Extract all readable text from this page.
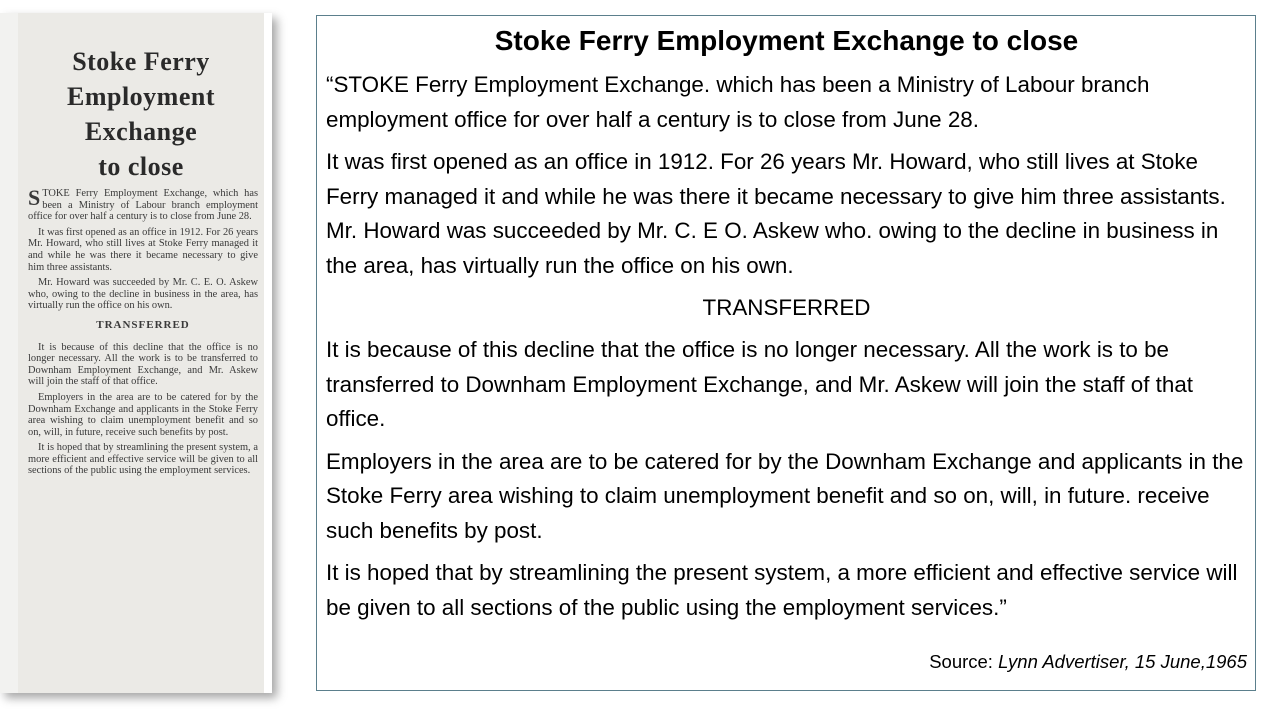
Stoke Ferry
Employment
Exchange
to close

STOKE Ferry Employment Exchange, which has been a Ministry of Labour branch employment office for over half a century is to close from June 28.

It was first opened as an office in 1912. For 26 years Mr. Howard, who still lives at Stoke Ferry managed it and while he was there it became necessary to give him three assistants.

Mr. Howard was succeeded by Mr. C. E. O. Askew who, owing to the decline in business in the area, has virtually run the office on his own.

TRANSFERRED

It is because of this decline that the office is no longer necessary. All the work is to be transferred to Downham Employment Exchange, and Mr. Askew will join the staff of that office.

Employers in the area are to be catered for by the Downham Exchange and applicants in the Stoke Ferry area wishing to claim unemployment benefit and so on, will, in future, receive such benefits by post.

It is hoped that by streamlining the present system, a more efficient and effective service will be given to all sections of the public using the employment services.

Stoke Ferry Employment Exchange to close

“STOKE Ferry Employment Exchange. which has been a Ministry of Labour branch employment office for over half a century is to close from June 28.

It was first opened as an office in 1912. For 26 years Mr. Howard, who still lives at Stoke Ferry managed it and while he was there it became necessary to give him three assistants. Mr. Howard was succeeded by Mr. C. E O. Askew who. owing to the decline in business in the area, has virtually run the office on his own.

TRANSFERRED

It is because of this decline that the office is no longer necessary. All the work is to be transferred to Downham Employment Exchange, and Mr. Askew will join the staff of that office.

Employers in the area are to be catered for by the Downham Exchange and applicants in the Stoke Ferry area wishing to claim unemployment benefit and so on, will, in future. receive such benefits by post.

It is hoped that by streamlining the present system, a more efficient and effective service will be given to all sections of the public using the employment services.”

Source: Lynn Advertiser, 15 June,1965
